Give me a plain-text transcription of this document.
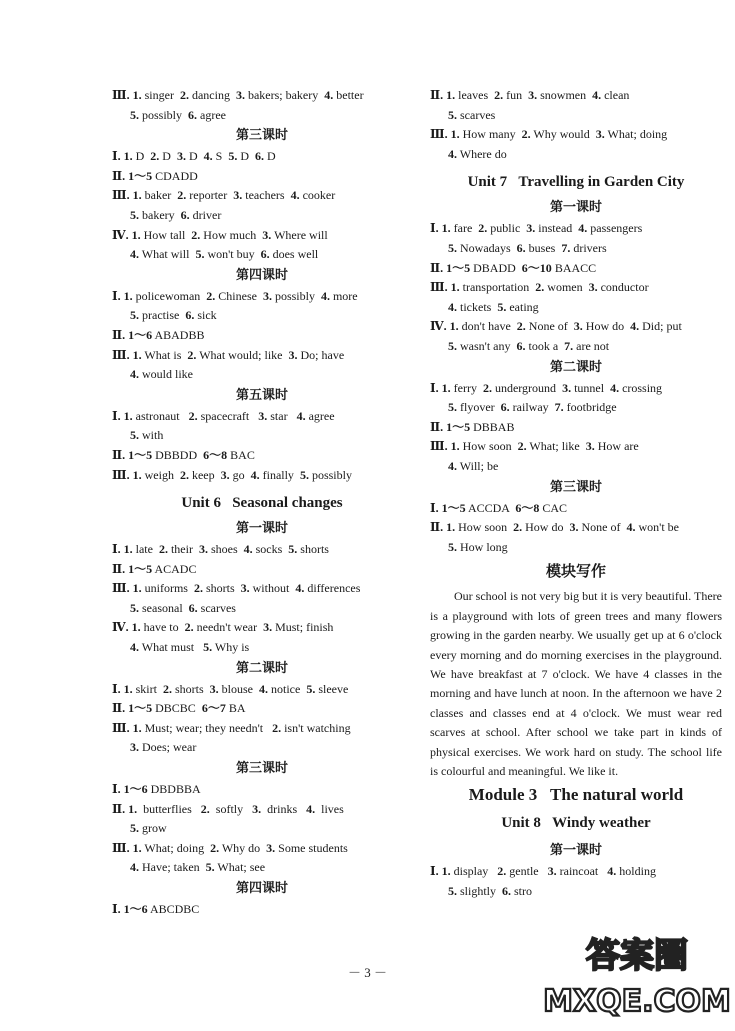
Ⅲ. 1. singer  2. dancing  3. bakers; bakery  4. better
5. possibly  6. agree
第三课时
Ⅰ. 1. D  2. D  3. D  4. S  5. D  6. D
Ⅱ. 1～5 CDADD
Ⅲ. 1. baker  2. reporter  3. teachers  4. cooker
5. bakery  6. driver
Ⅳ. 1. How tall  2. How much  3. Where will
4. What will  5. won't buy  6. does well
第四课时
Ⅰ. 1. policewoman  2. Chinese  3. possibly  4. more
5. practise  6. sick
Ⅱ. 1～6 ABADBB
Ⅲ. 1. What is  2. What would; like  3. Do; have
4. would like
第五课时
Ⅰ. 1. astronaut   2. spacecraft   3. star   4. agree
5. with
Ⅱ. 1～5 DBBDD  6～8 BAC
Ⅲ. 1. weigh  2. keep  3. go  4. finally  5. possibly
Unit 6   Seasonal changes
第一课时
Ⅰ. 1. late  2. their  3. shoes  4. socks  5. shorts
Ⅱ. 1～5 ACADC
Ⅲ. 1. uniforms  2. shorts  3. without  4. differences
5. seasonal  6. scarves
Ⅳ. 1. have to  2. needn't wear  3. Must; finish
4. What must   5. Why is
第二课时
Ⅰ. 1. skirt  2. shorts  3. blouse  4. notice  5. sleeve
Ⅱ. 1～5 DBCBC  6～7 BA
Ⅲ. 1. Must; wear; they needn't   2. isn't watching
3. Does; wear
第三课时
Ⅰ. 1～6 DBDBBA
Ⅱ. 1.  butterflies   2.  softly   3.  drinks   4.  lives
5. grow
Ⅲ. 1. What; doing  2. Why do  3. Some students
4. Have; taken  5. What; see
第四课时
Ⅰ. 1～6 ABCDBC
Ⅱ. 1. leaves  2. fun  3. snowmen  4. clean
5. scarves
Ⅲ. 1. How many  2. Why would  3. What; doing
4. Where do
Unit 7   Travelling in Garden City
第一课时
Ⅰ. 1. fare  2. public  3. instead  4. passengers
5. Nowadays  6. buses  7. drivers
Ⅱ. 1～5 DBADD  6～10 BAACC
Ⅲ. 1. transportation  2. women  3. conductor
4. tickets  5. eating
Ⅳ. 1. don't have  2. None of  3. How do  4. Did; put
5. wasn't any  6. took a  7. are not
第二课时
Ⅰ. 1. ferry  2. underground  3. tunnel  4. crossing
5. flyover  6. railway  7. footbridge
Ⅱ. 1～5 DBBAB
Ⅲ. 1. How soon  2. What; like  3. How are
4. Will; be
第三课时
Ⅰ. 1～5 ACCDA  6～8 CAC
Ⅱ. 1. How soon  2. How do  3. None of  4. won't be
5. How long
模块写作
Our school is not very big but it is very beautiful. There is a playground with lots of green trees and many flowers growing in the garden nearby. We usually get up at 6 o'clock every morning and do morning exercises in the playground. We have breakfast at 7 o'clock. We have 4 classes in the morning and have lunch at noon. In the afternoon we have 2 classes and classes end at 4 o'clock. We must wear red scarves at school. After school we take part in kinds of physical exercises. We work hard on study. The school life is colourful and meaningful. We like it.
Module 3   The natural world
Unit 8   Windy weather
第一课时
Ⅰ. 1. display   2. gentle   3. raincoat   4. holding
5. slightly  6. stro
－ 3 －	答案圈
MXQE.COM
